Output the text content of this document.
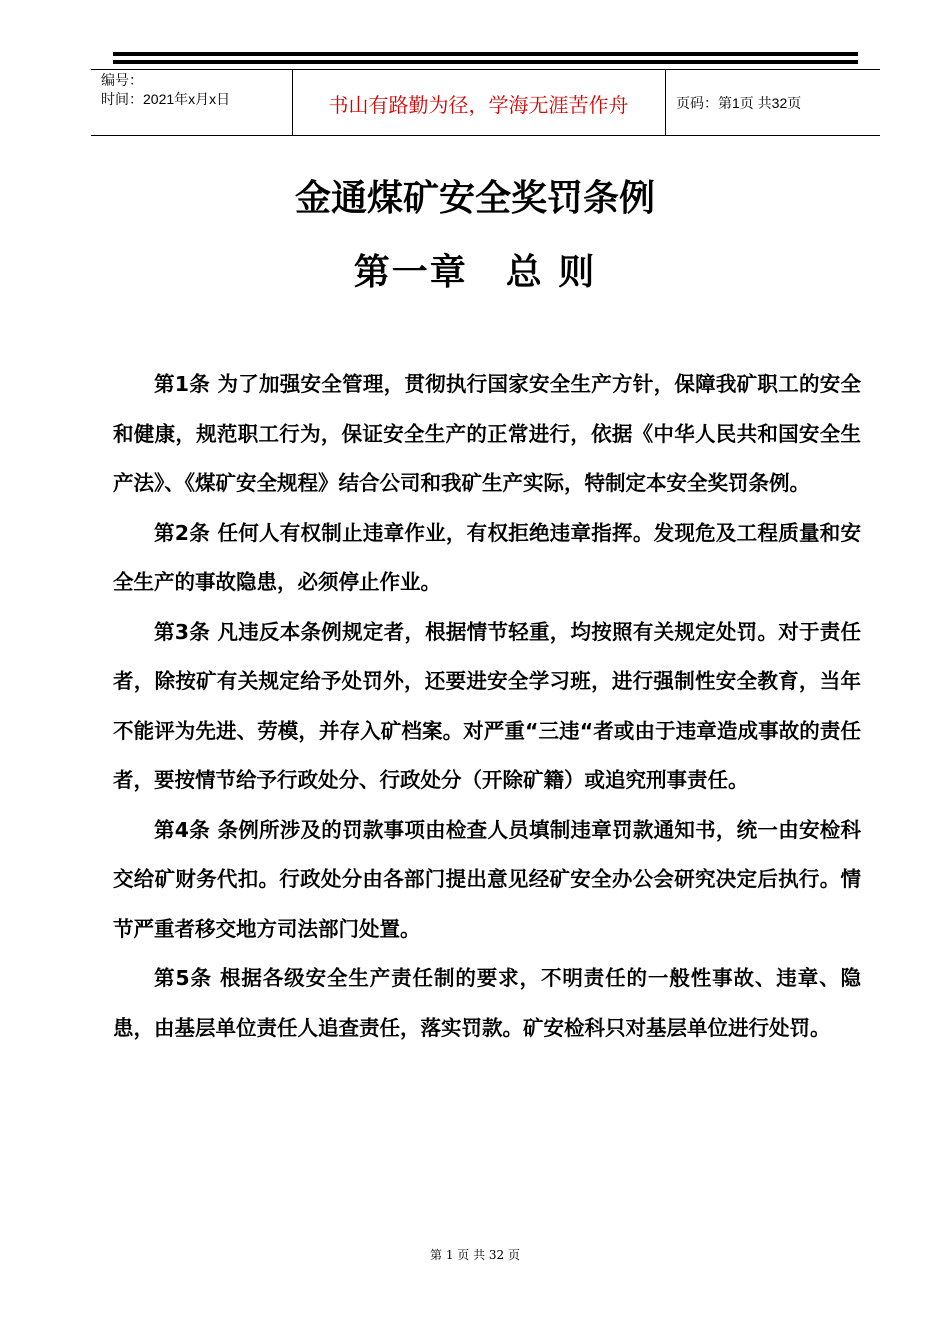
编号：
时间：2021年x月x日	书山有路勤为径，学海无涯苦作舟	页码：第1页 共32页
金通煤矿安全奖罚条例
第一章　总 则

第1条 为了加强安全管理，贯彻执行国家安全生产方针，保障我矿职工的安全和健康，规范职工行为，保证安全生产的正常进行，依据《中华人民共和国安全生产法》、《煤矿安全规程》结合公司和我矿生产实际，特制定本安全奖罚条例。

第2条 任何人有权制止违章作业，有权拒绝违章指挥。发现危及工程质量和安全生产的事故隐患，必须停止作业。

第3条 凡违反本条例规定者，根据情节轻重，均按照有关规定处罚。对于责任者，除按矿有关规定给予处罚外，还要进安全学习班，进行强制性安全教育，当年不能评为先进、劳模，并存入矿档案。对严重“三违“者或由于违章造成事故的责任者，要按情节给予行政处分、行政处分（开除矿籍）或追究刑事责任。

第4条 条例所涉及的罚款事项由检查人员填制违章罚款通知书，统一由安检科交给矿财务代扣。行政处分由各部门提出意见经矿安全办公会研究决定后执行。情节严重者移交地方司法部门处置。

第5条 根据各级安全生产责任制的要求，不明责任的一般性事故、违章、隐患，由基层单位责任人追查责任，落实罚款。矿安检科只对基层单位进行处罚。

第 1 页 共 32 页
